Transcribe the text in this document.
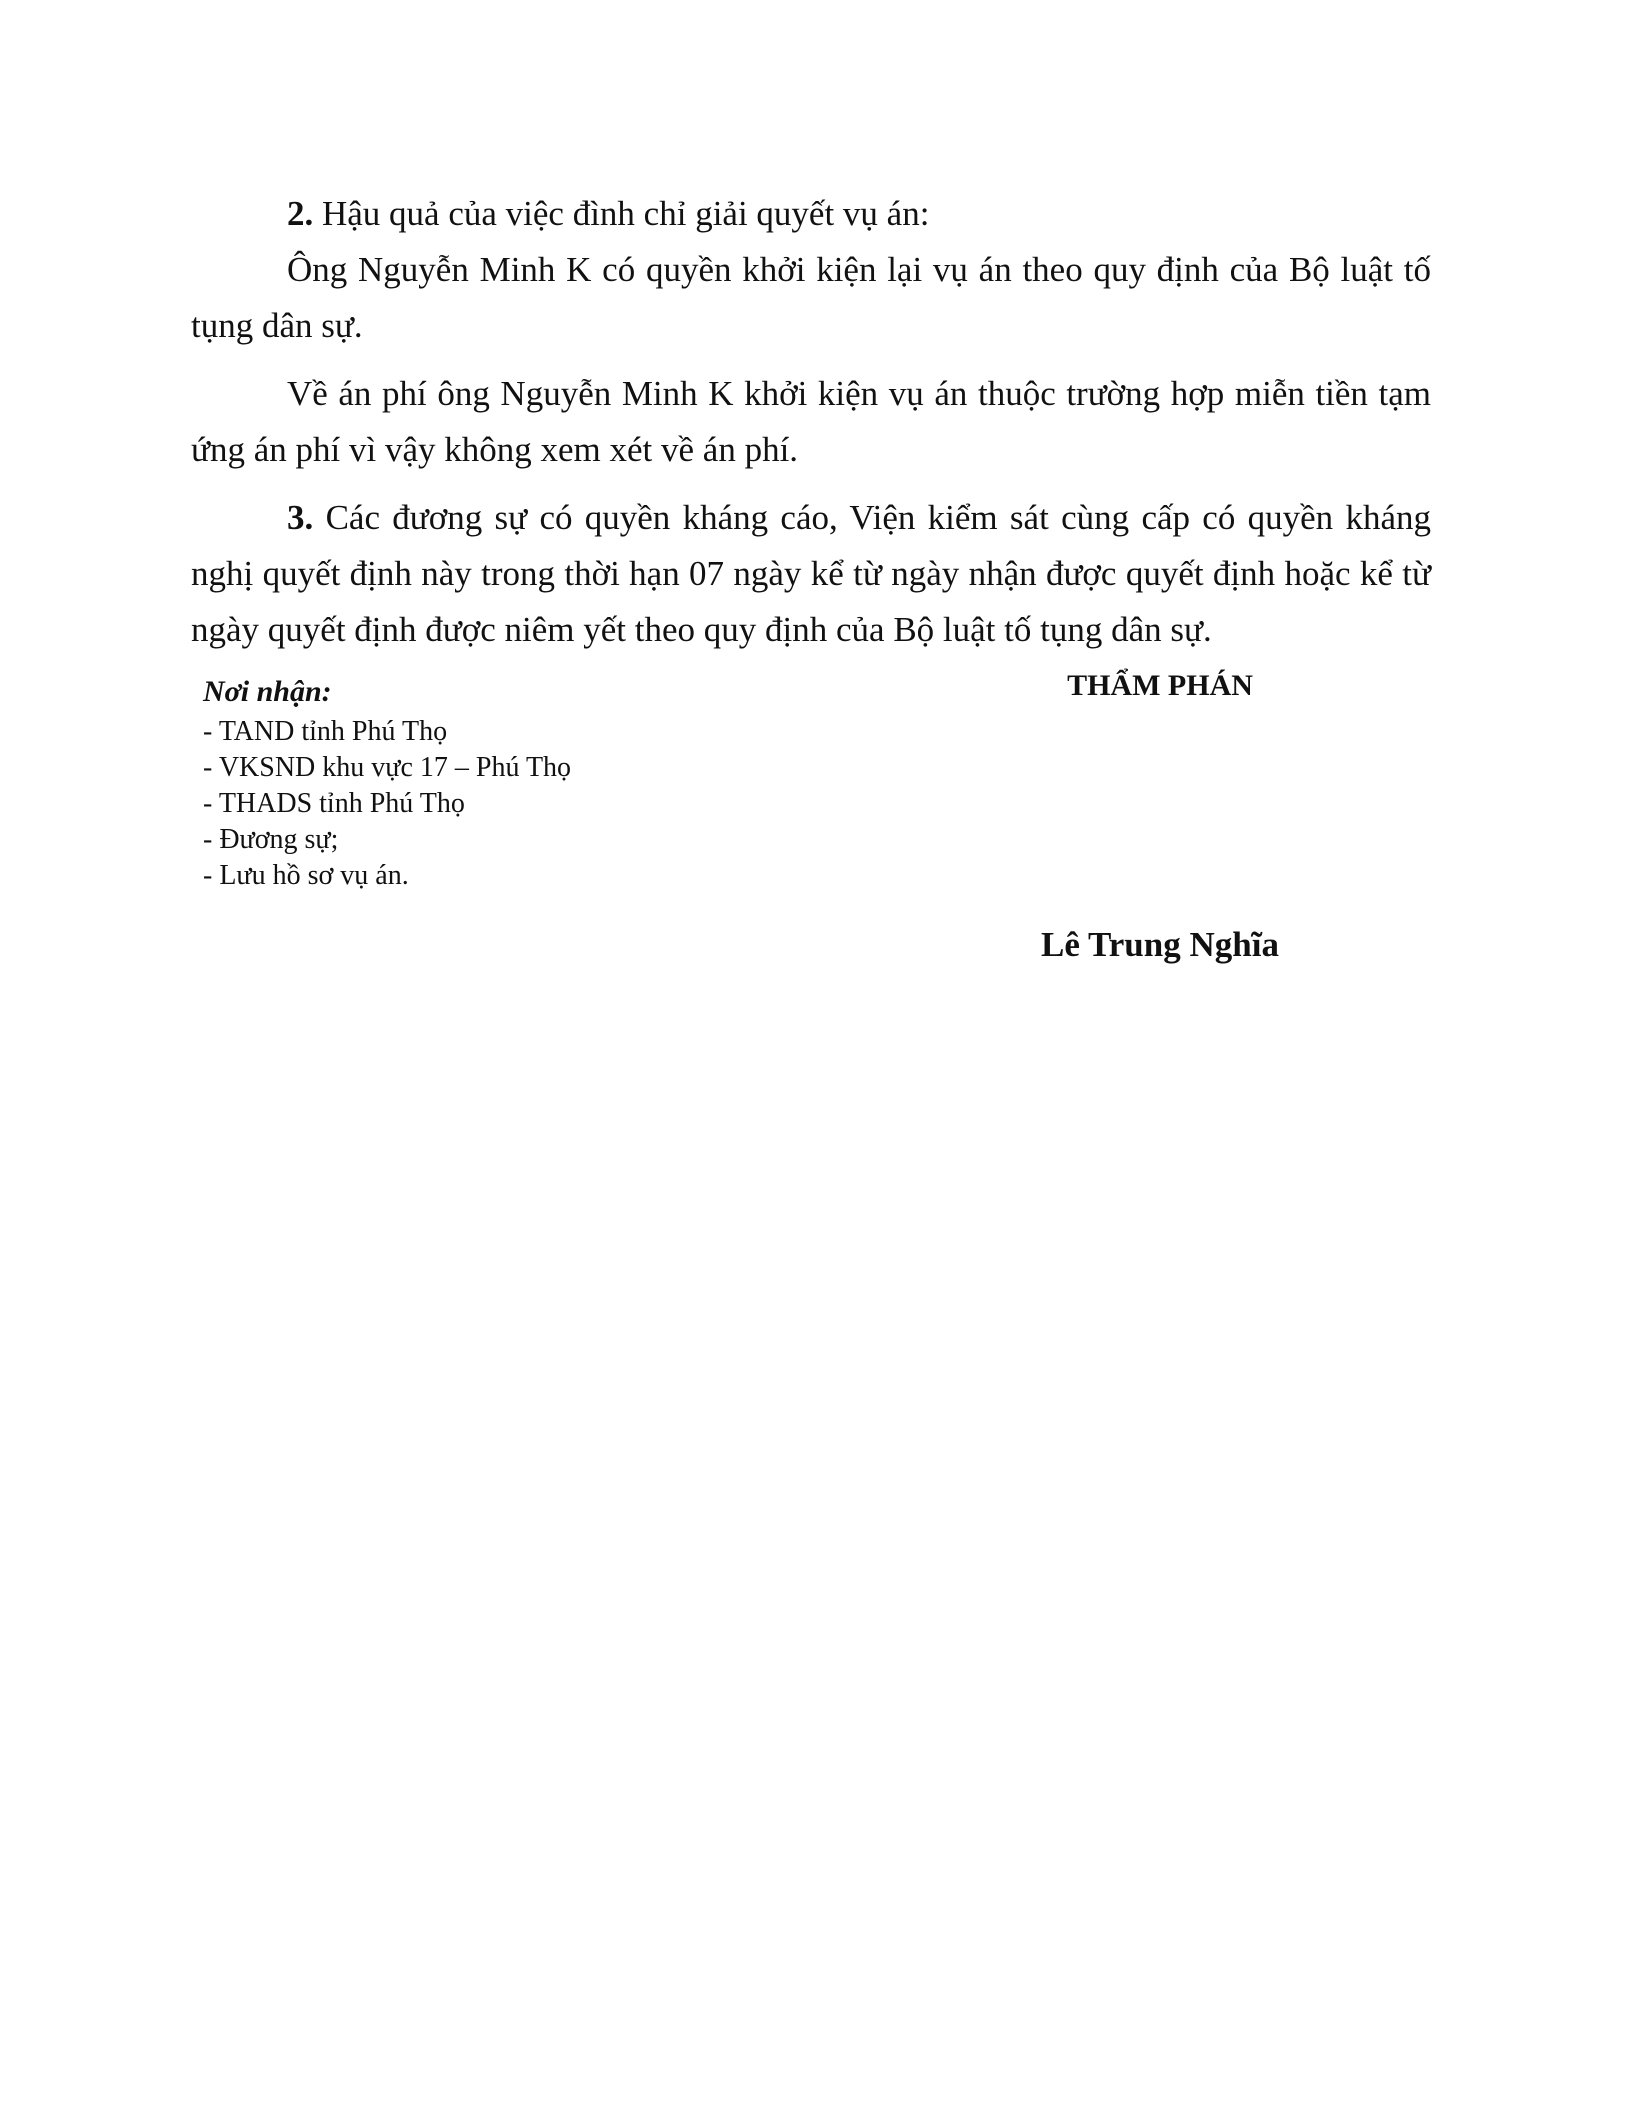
2. Hậu quả của việc đình chỉ giải quyết vụ án:

Ông Nguyễn Minh K có quyền khởi kiện lại vụ án theo quy định của Bộ luật tố tụng dân sự.

Về án phí ông Nguyễn Minh K khởi kiện vụ án thuộc trường hợp miễn tiền tạm ứng án phí vì vậy không xem xét về án phí.

3. Các đương sự có quyền kháng cáo, Viện kiểm sát cùng cấp có quyền kháng nghị quyết định này trong thời hạn 07 ngày kể từ ngày nhận được quyết định hoặc kể từ ngày quyết định được niêm yết theo quy định của Bộ luật tố tụng dân sự.

Nơi nhận:

- TAND tỉnh Phú Thọ
- VKSND khu vực 17 – Phú Thọ
- THADS tỉnh Phú Thọ
- Đương sự;
- Lưu hồ sơ vụ án.

THẨM PHÁN

Lê Trung Nghĩa
